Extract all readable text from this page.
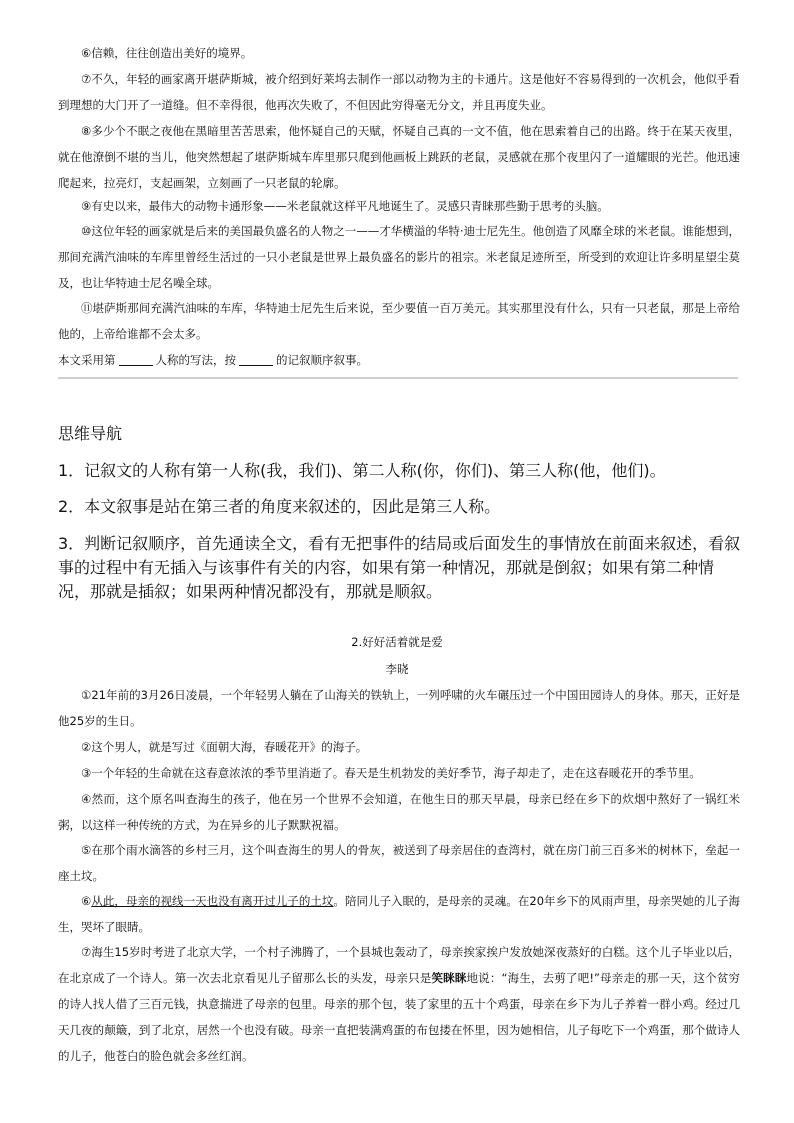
⑥信赖，往往创造出美好的境界。

⑦不久，年轻的画家离开堪萨斯城，被介绍到好莱坞去制作一部以动物为主的卡通片。这是他好不容易得到的一次机会，他似乎看到理想的大门开了一道缝。但不幸得很，他再次失败了，不但因此穷得毫无分文，并且再度失业。

⑧多少个不眠之夜他在黑暗里苦苦思索，他怀疑自己的天赋，怀疑自己真的一文不值，他在思索着自己的出路。终于在某天夜里，就在他潦倒不堪的当儿，他突然想起了堪萨斯城车库里那只爬到他画板上跳跃的老鼠，灵感就在那个夜里闪了一道耀眼的光芒。他迅速爬起来，拉亮灯，支起画架，立刻画了一只老鼠的轮廓。

⑨有史以来，最伟大的动物卡通形象——米老鼠就这样平凡地诞生了。灵感只青睐那些勤于思考的头脑。

⑩这位年轻的画家就是后来的美国最负盛名的人物之一——才华横溢的华特·迪士尼先生。他创造了风靡全球的米老鼠。谁能想到，那间充满汽油味的车库里曾经生活过的一只小老鼠是世界上最负盛名的影片的祖宗。米老鼠足迹所至，所受到的欢迎让许多明星望尘莫及，也让华特迪士尼名噪全球。

⑪堪萨斯那间充满汽油味的车库，华特迪士尼先生后来说，至少要值一百万美元。其实那里没有什么，只有一只老鼠，那是上帝给他的，上帝给谁都不会太多。

本文采用第	人称的写法，按	的记叙顺序叙事。

思维导航

1．记叙文的人称有第一人称(我，我们)、第二人称(你，你们)、第三人称(他，他们)。

2．本文叙事是站在第三者的角度来叙述的，因此是第三人称。

3．判断记叙顺序，首先通读全文，看有无把事件的结局或后面发生的事情放在前面来叙述，看叙事的过程中有无插入与该事件有关的内容，如果有第一种情况，那就是倒叙；如果有第二种情况，那就是插叙；如果两种情况都没有，那就是顺叙。

2.好好活着就是爱

李晓

①21年前的3月26日凌晨，一个年轻男人躺在了山海关的铁轨上，一列呼啸的火车碾压过一个中国田园诗人的身体。那天，正好是他25岁的生日。

②这个男人，就是写过《面朝大海，春暖花开》的海子。

③一个年轻的生命就在这春意浓浓的季节里消逝了。春天是生机勃发的美好季节，海子却走了，走在这春暖花开的季节里。

④然而，这个原名叫查海生的孩子，他在另一个世界不会知道，在他生日的那天早晨，母亲已经在乡下的炊烟中熬好了一锅红米粥，以这样一种传统的方式，为在异乡的儿子默默祝福。

⑤在那个雨水滴答的乡村三月，这个叫查海生的男人的骨灰，被送到了母亲居住的查湾村，就在房门前三百多米的树林下，垒起一座土坟。

⑥从此，母亲的视线一天也没有离开过儿子的土坟。陪同儿子入眠的，是母亲的灵魂。在20年乡下的风雨声里，母亲哭她的儿子海生，哭坏了眼睛。

⑦海生15岁时考进了北京大学，一个村子沸腾了，一个县城也轰动了，母亲挨家挨户发放她深夜蒸好的白糕。这个儿子毕业以后，在北京成了一个诗人。第一次去北京看见儿子留那么长的头发，母亲只是笑眯眯地说：“海生，去剪了吧!”母亲走的那一天，这个贫穷的诗人找人借了三百元钱，执意揣进了母亲的包里。母亲的那个包，装了家里的五十个鸡蛋，母亲在乡下为儿子养着一群小鸡。经过几天几夜的颠簸，到了北京，居然一个也没有破。母亲一直把装满鸡蛋的布包搂在怀里，因为她相信，儿子每吃下一个鸡蛋，那个做诗人的儿子，他苍白的脸色就会多丝红润。
